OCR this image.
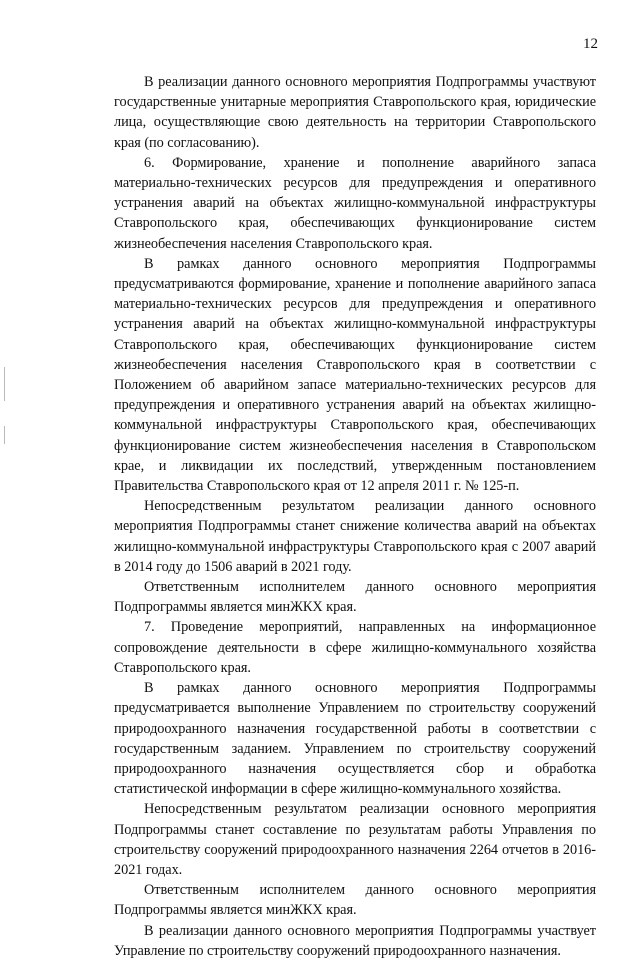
12

В реализации данного основного мероприятия Подпрограммы участвуют государственные унитарные мероприятия Ставропольского края, юридические лица, осуществляющие свою деятельность на территории Ставропольского края (по согласованию).

6. Формирование, хранение и пополнение аварийного запаса материально-технических ресурсов для предупреждения и оперативного устранения аварий на объектах жилищно-коммунальной инфраструктуры Ставропольского края, обеспечивающих функционирование систем жизнеобеспечения населения Ставропольского края.

В рамках данного основного мероприятия Подпрограммы предусматриваются формирование, хранение и пополнение аварийного запаса материально-технических ресурсов для предупреждения и оперативного устранения аварий на объектах жилищно-коммунальной инфраструктуры Ставропольского края, обеспечивающих функционирование систем жизнеобеспечения населения Ставропольского края в соответствии с Положением об аварийном запасе материально-технических ресурсов для предупреждения и оперативного устранения аварий на объектах жилищно-коммунальной инфраструктуры Ставропольского края, обеспечивающих функционирование систем жизнеобеспечения населения в Ставропольском крае, и ликвидации их последствий, утвержденным постановлением Правительства Ставропольского края от 12 апреля 2011 г. № 125-п.

Непосредственным результатом реализации данного основного мероприятия Подпрограммы станет снижение количества аварий на объектах жилищно-коммунальной инфраструктуры Ставропольского края с 2007 аварий в 2014 году до 1506 аварий в 2021 году.

Ответственным исполнителем данного основного мероприятия Подпрограммы является минЖКХ края.

7. Проведение мероприятий, направленных на информационное сопровождение деятельности в сфере жилищно-коммунального хозяйства Ставропольского края.

В рамках данного основного мероприятия Подпрограммы предусматривается выполнение Управлением по строительству сооружений природоохранного назначения государственной работы в соответствии с государственным заданием. Управлением по строительству сооружений природоохранного назначения осуществляется сбор и обработка статистической информации в сфере жилищно-коммунального хозяйства.

Непосредственным результатом реализации основного мероприятия Подпрограммы станет составление по результатам работы Управления по строительству сооружений природоохранного назначения 2264 отчетов в 2016-2021 годах.

Ответственным исполнителем данного основного мероприятия Подпрограммы является минЖКХ края.

В реализации данного основного мероприятия Подпрограммы участвует Управление по строительству сооружений природоохранного назначения.
